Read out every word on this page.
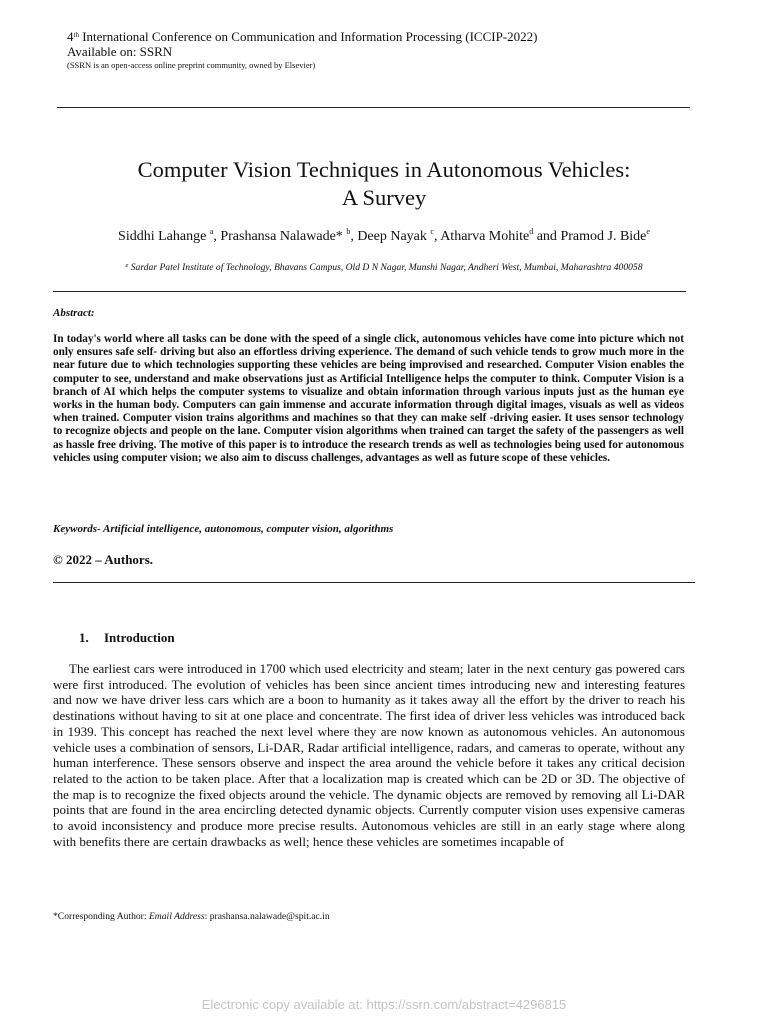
4th International Conference on Communication and Information Processing (ICCIP-2022)
Available on: SSRN
(SSRN is an open-access online preprint community, owned by Elsevier)
Computer Vision Techniques in Autonomous Vehicles:
A Survey
Siddhi Lahange $^a$, Prashansa Nalawade* $^b$, Deep Nayak $^c$, Atharva Mohite$^d$ and Pramod J. Bide$^e$
$^e$ Sardar Patel Institute of Technology, Bhavans Campus, Old D N Nagar, Munshi Nagar, Andheri West, Mumbai, Maharashtra 400058
Abstract:
In today's world where all tasks can be done with the speed of a single click, autonomous vehicles have come into picture which not only ensures safe self- driving but also an effortless driving experience. The demand of such vehicle tends to grow much more in the near future due to which technologies supporting these vehicles are being improvised and researched. Computer Vision enables the computer to see, understand and make observations just as Artificial Intelligence helps the computer to think. Computer Vision is a branch of AI which helps the computer systems to visualize and obtain information through various inputs just as the human eye works in the human body. Computers can gain immense and accurate information through digital images, visuals as well as videos when trained. Computer vision trains algorithms and machines so that they can make self -driving easier. It uses sensor technology to recognize objects and people on the lane. Computer vision algorithms when trained can target the safety of the passengers as well as hassle free driving. The motive of this paper is to introduce the research trends as well as technologies being used for autonomous vehicles using computer vision; we also aim to discuss challenges, advantages as well as future scope of these vehicles.
Keywords- Artificial intelligence, autonomous, computer vision, algorithms
© 2022 – Authors.
1. Introduction
The earliest cars were introduced in 1700 which used electricity and steam; later in the next century gas powered cars were first introduced. The evolution of vehicles has been since ancient times introducing new and interesting features and now we have driver less cars which are a boon to humanity as it takes away all the effort by the driver to reach his destinations without having to sit at one place and concentrate. The first idea of driver less vehicles was introduced back in 1939. This concept has reached the next level where they are now known as autonomous vehicles. An autonomous vehicle uses a combination of sensors, Li-DAR, Radar artificial intelligence, radars, and cameras to operate, without any human interference. These sensors observe and inspect the area around the vehicle before it takes any critical decision related to the action to be taken place. After that a localization map is created which can be 2D or 3D. The objective of the map is to recognize the fixed objects around the vehicle. The dynamic objects are removed by removing all Li-DAR points that are found in the area encircling detected dynamic objects. Currently computer vision uses expensive cameras to avoid inconsistency and produce more precise results. Autonomous vehicles are still in an early stage where along with benefits there are certain drawbacks as well; hence these vehicles are sometimes incapable of
*Corresponding Author: Email Address: prashansa.nalawade@spit.ac.in
Electronic copy available at: https://ssrn.com/abstract=4296815
